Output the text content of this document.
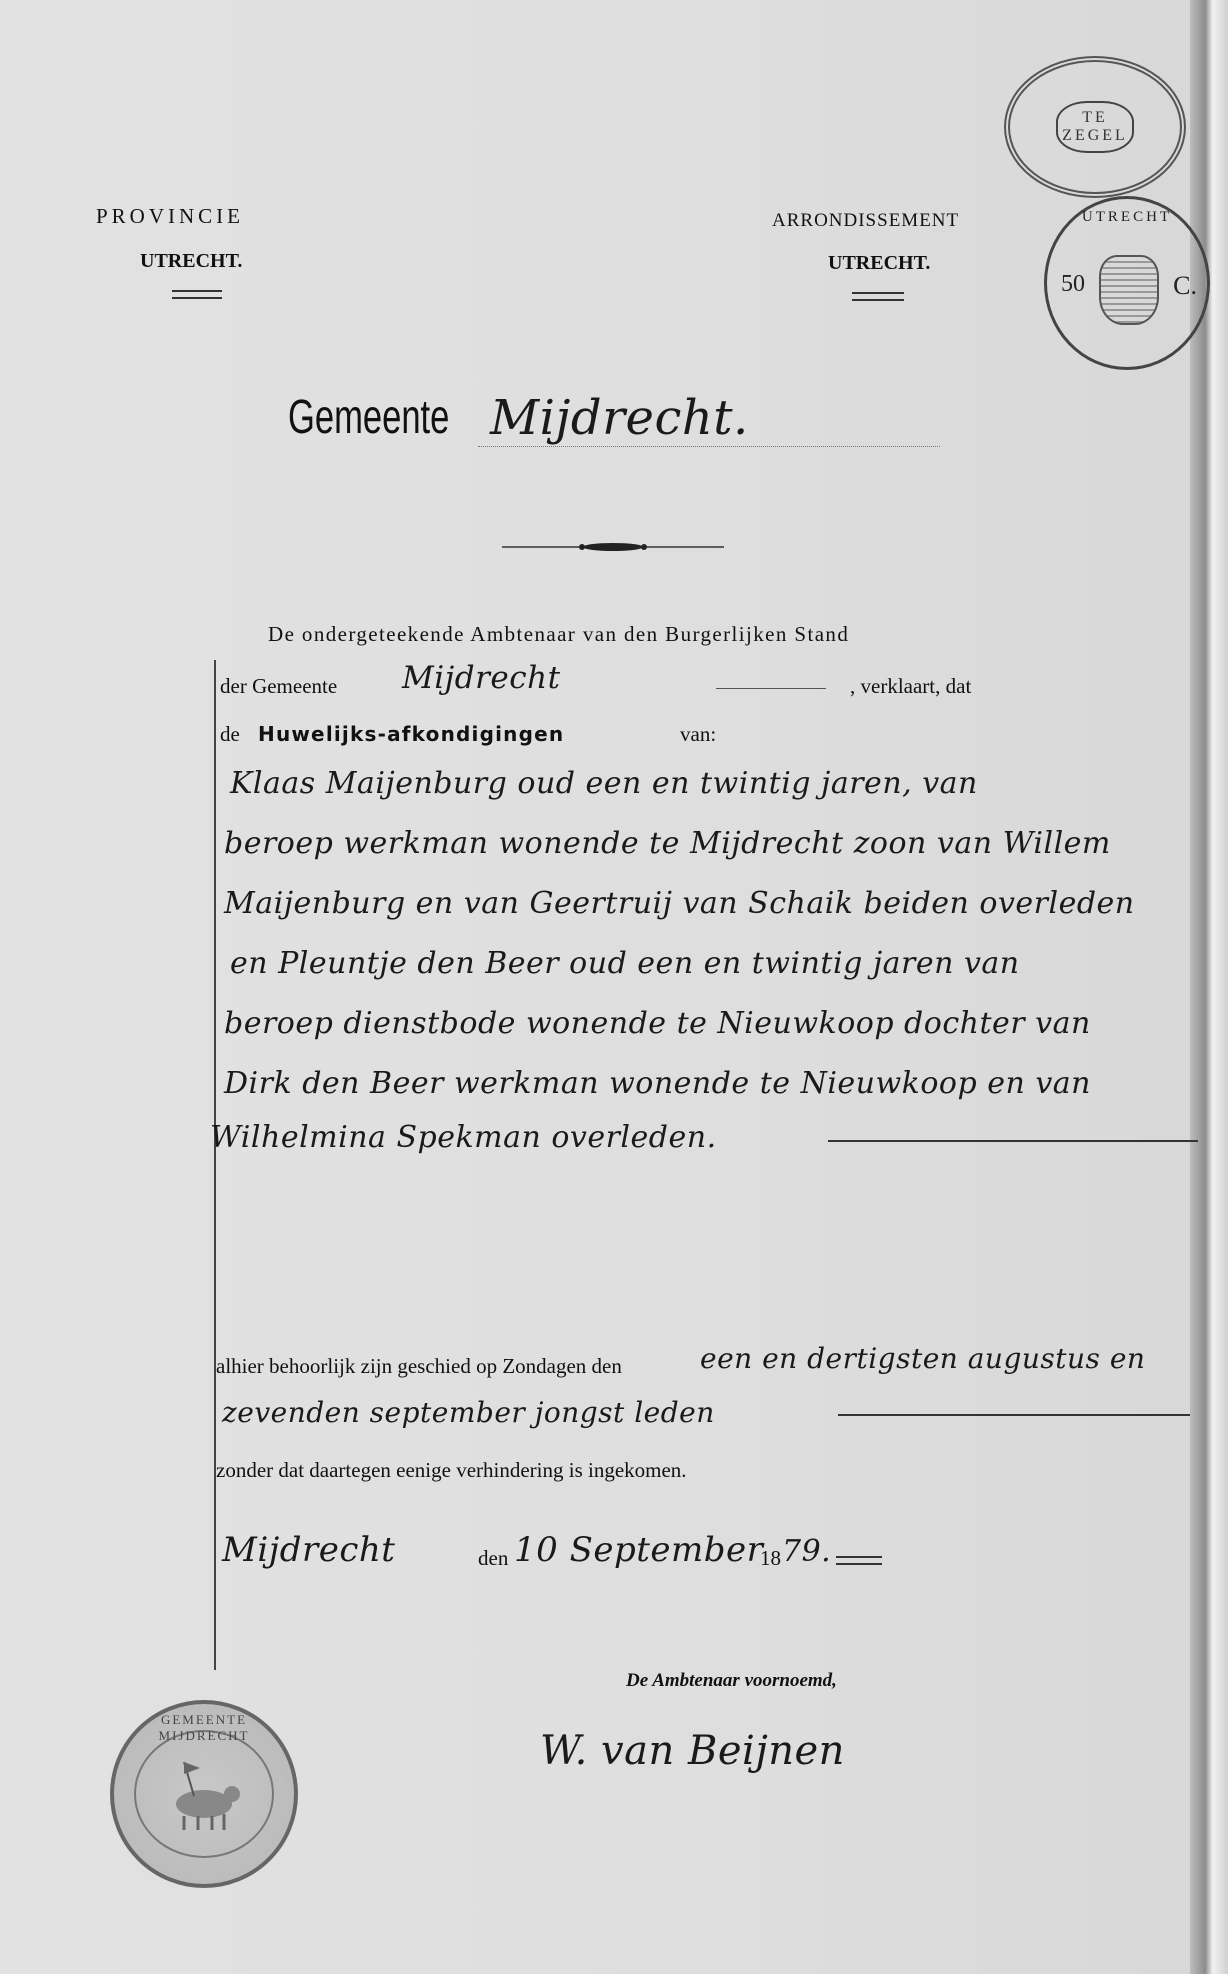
PROVINCIE
UTRECHT.
ARRONDISSEMENT
UTRECHT.
TE ZEGEL
UTRECHT
50	C.
Gemeente Mijdrecht.
De ondergeteekende Ambtenaar van den Burgerlijken Stand
der Gemeente Mijdrecht	, verklaart, dat
de Huwelijks-afkondigingen	van:
Klaas Maijenburg oud een en twintig jaren, van
beroep werkman wonende te Mijdrecht zoon van Willem
Maijenburg en van Geertruij van Schaik beiden overleden
en Pleuntje den Beer oud een en twintig jaren van
beroep dienstbode wonende te Nieuwkoop dochter van
Dirk den Beer werkman wonende te Nieuwkoop en van
Wilhelmina Spekman overleden.
alhier behoorlijk zijn geschied op Zondagen den	een en dertigsten augustus en
zevenden september jongst leden
zonder dat daartegen eenige verhindering is ingekomen.
Mijdrecht	den 10 September
18 79.
De Ambtenaar voornoemd,
W. van Beijnen
GEMEENTE MIJDRECHT
